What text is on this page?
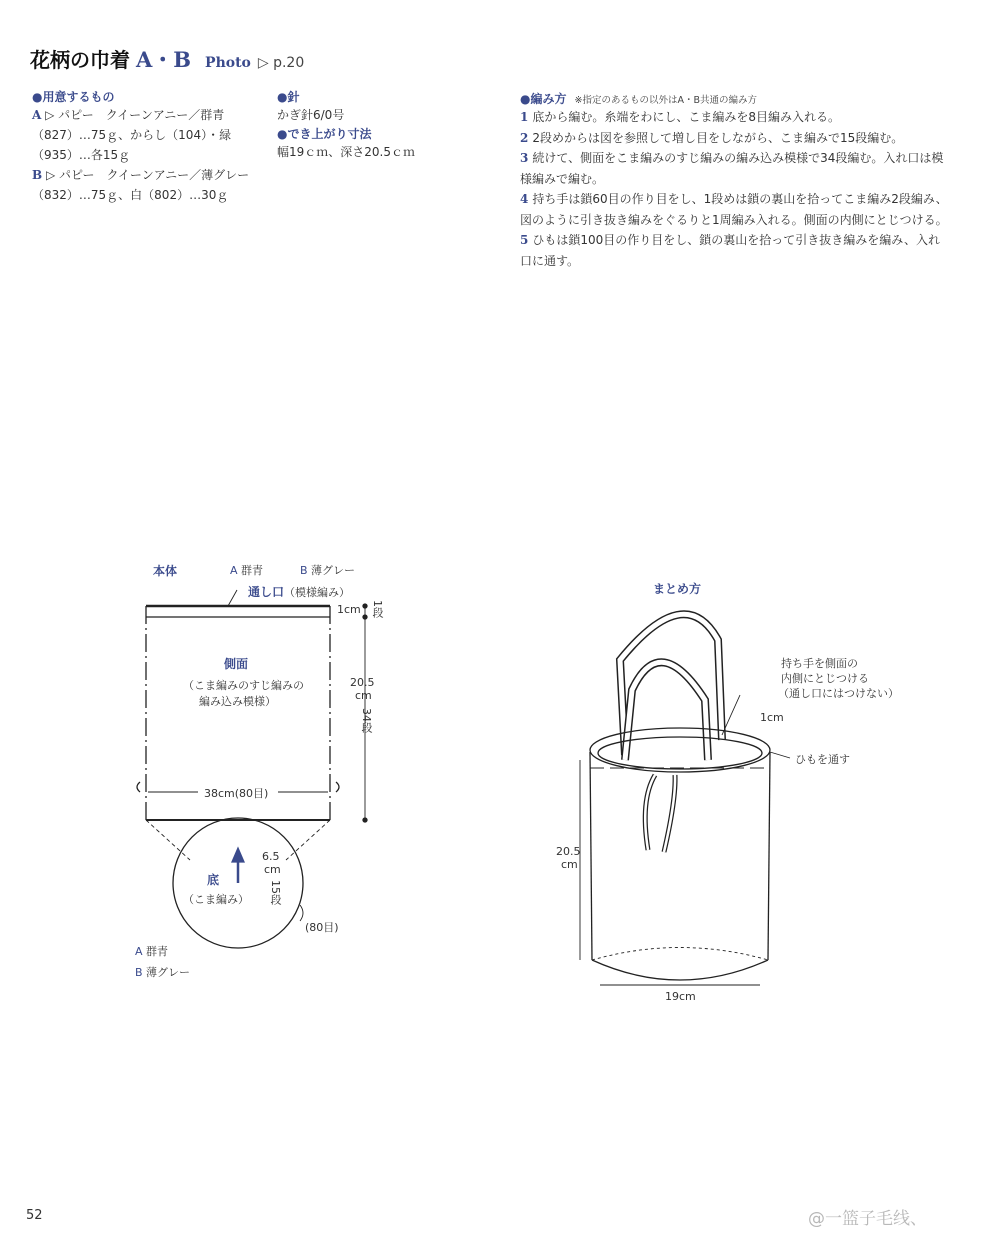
花柄の巾着 A・B Photo ▷ p.20
●用意するもの
A ▷ パピー　クイーンアニー／群青（827）…75ｇ、からし（104）・緑（935）…各15ｇ
B ▷ パピー　クイーンアニー／薄グレー（832）…75ｇ、白（802）…30ｇ
●針
かぎ針6/0号
●でき上がり寸法
幅19ｃｍ、深さ20.5ｃｍ
●編み方 ※指定のあるもの以外はA・B共通の編み方
1 底から編む。糸端をわにし、こま編みを8目編み入れる。
2 2段めからは図を参照して増し目をしながら、こま編みで15段編む。
3 続けて、側面をこま編みのすじ編みの編み込み模様で34段編む。入れ口は模様編みで編む。
4 持ち手は鎖60目の作り目をし、1段めは鎖の裏山を拾ってこま編み2段編み、図のように引き抜き編みをぐるりと1周編み入れる。側面の内側にとじつける。
5 ひもは鎖100目の作り目をし、鎖の裏山を拾って引き抜き編みを編み、入れ口に通す。
本体	A 群青	B 薄グレー
通し口（模様編み）
1cm 1段
側面
（こま編みのすじ編みの
編み込み模様）
20.5
cm
34段
38cm(80目)
底
（こま編み）
6.5
cm
15段
(80目)
A 群青
B 薄グレー
まとめ方
持ち手を側面の
内側にとじつける
（通し口にはつけない）
1cm
ひもを通す
20.5
cm
19cm
52	@一篮子毛线、
